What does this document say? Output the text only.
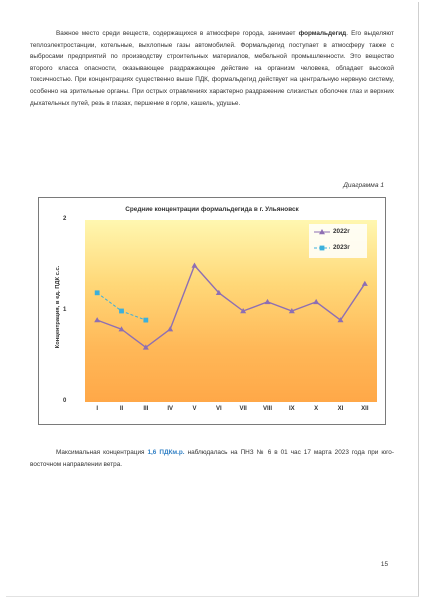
Важное место среди веществ, содержащихся в атмосфере города, занимает формальдегид. Его выделяют теплоэлектростанции, котельные, выхлопные газы автомобилей. Формальдегид поступает в атмосферу также с выбросами предприятий по производству строительных материалов, мебельной промышленности. Это вещество второго класса опасности, оказывающее раздражающее действие на организм человека, обладает высокой токсичностью. При концентрациях существенно выше ПДК, формальдегид действует на центральную нервную систему, особенно на зрительные органы. При острых отравлениях характерно раздражение слизистых оболочек глаз и верхних дыхательных путей, резь в глазах, першение в горле, кашель, удушье.

Диаграмма 1
Средние концентрации формальдегида в г. Ульяновск
Концентрация, в ед. ПДК с.с.
0
1
2
I	II	III	IV	V	VI	VII	VIII	IX	X	XI	XII
2022г
2023г

Максимальная концентрация 1,6 ПДКм.р. наблюдалась на ПНЗ № 6 в 01 час 17 марта 2023 года при юго-восточном направлении ветра.

15
